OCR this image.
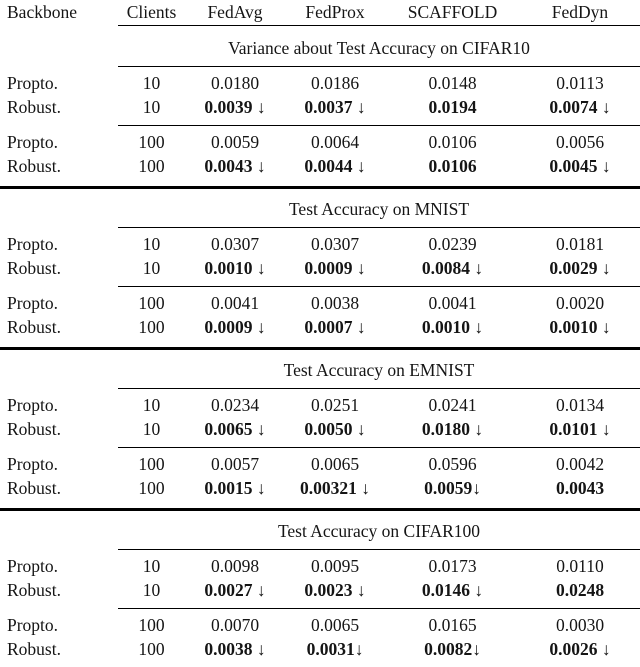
Backbone	Clients	FedAvg	FedProx	SCAFFOLD	FedDyn
Variance about Test Accuracy on CIFAR10
Propto.	10	0.0180	0.0186	0.0148	0.0113
Robust.	10	0.0039 ↓	0.0037 ↓	0.0194	0.0074 ↓
Propto.	100	0.0059	0.0064	0.0106	0.0056
Robust.	100	0.0043 ↓	0.0044 ↓	0.0106	0.0045 ↓
Test Accuracy on MNIST
Propto.	10	0.0307	0.0307	0.0239	0.0181
Robust.	10	0.0010 ↓	0.0009 ↓	0.0084 ↓	0.0029 ↓
Propto.	100	0.0041	0.0038	0.0041	0.0020
Robust.	100	0.0009 ↓	0.0007 ↓	0.0010 ↓	0.0010 ↓
Test Accuracy on EMNIST
Propto.	10	0.0234	0.0251	0.0241	0.0134
Robust.	10	0.0065 ↓	0.0050 ↓	0.0180 ↓	0.0101 ↓
Propto.	100	0.0057	0.0065	0.0596	0.0042
Robust.	100	0.0015 ↓	0.00321 ↓	0.0059↓	0.0043
Test Accuracy on CIFAR100
Propto.	10	0.0098	0.0095	0.0173	0.0110
Robust.	10	0.0027 ↓	0.0023 ↓	0.0146 ↓	0.0248
Propto.	100	0.0070	0.0065	0.0165	0.0030
Robust.	100	0.0038 ↓	0.0031↓	0.0082↓	0.0026 ↓
